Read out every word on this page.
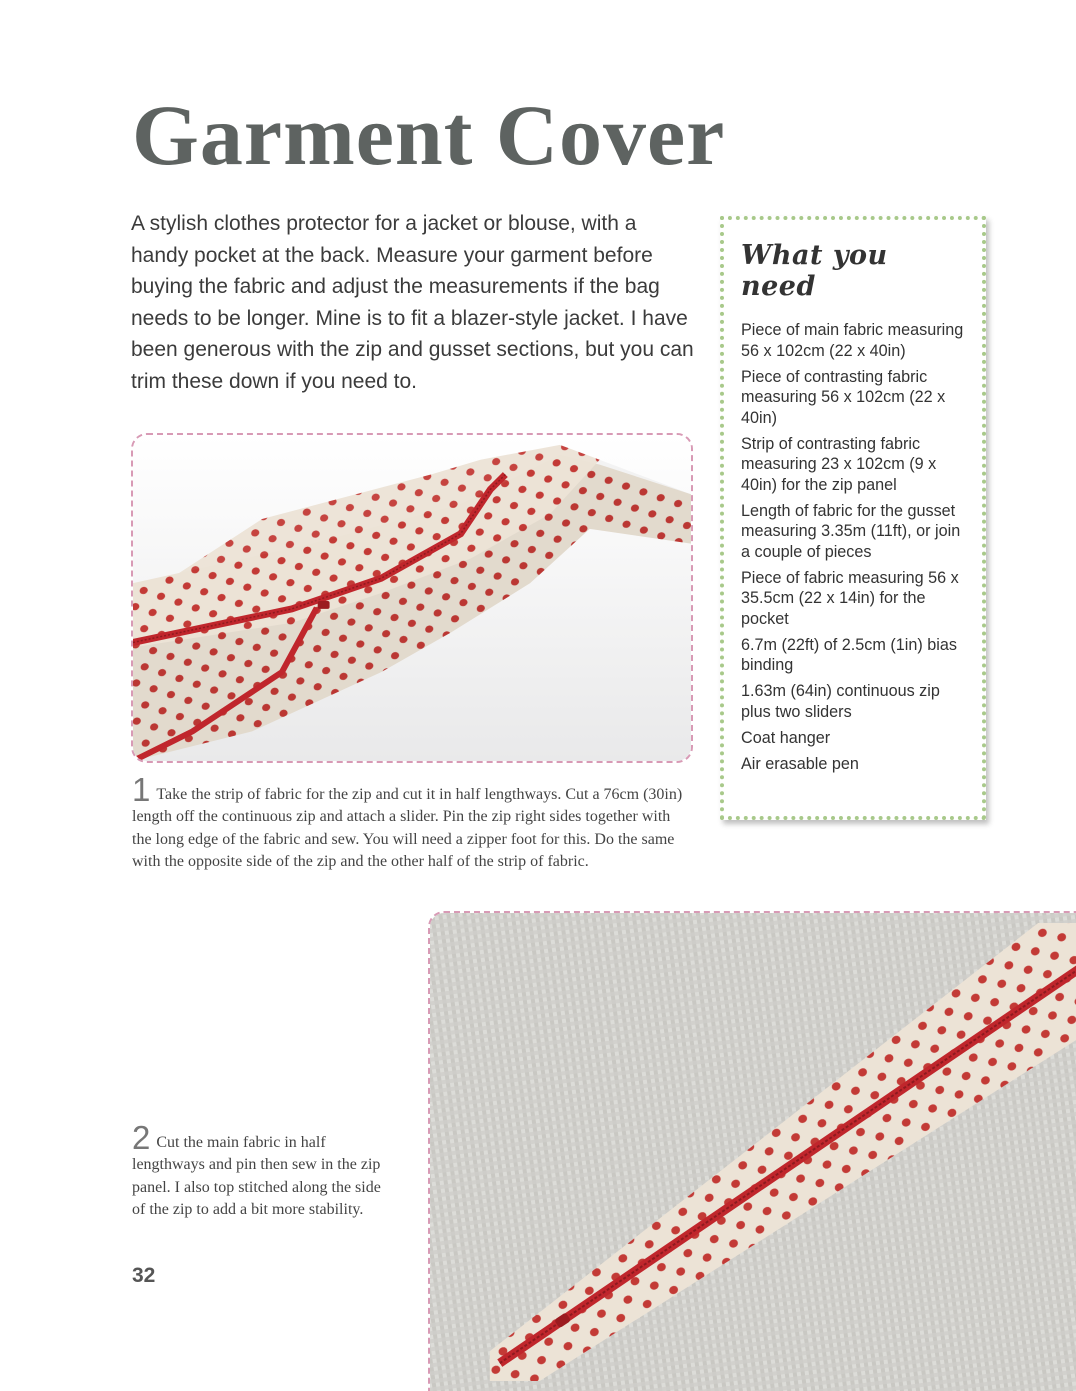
Garment Cover

A stylish clothes protector for a jacket or blouse, with a handy pocket at the back. Measure your garment before buying the fabric and adjust the measurements if the bag needs to be longer. Mine is to fit a blazer-style jacket. I have been generous with the zip and gusset sections, but you can trim these down if you need to.

What you need
Piece of main fabric measuring 56 x 102cm (22 x 40in)
Piece of contrasting fabric measuring 56 x 102cm (22 x 40in)
Strip of contrasting fabric measuring 23 x 102cm (9 x 40in) for the zip panel
Length of fabric for the gusset measuring 3.35m (11ft), or join a couple of pieces
Piece of fabric measuring 56 x 35.5cm (22 x 14in) for the pocket
6.7m (22ft) of 2.5cm (1in) bias binding
1.63m (64in) continuous zip plus two sliders
Coat hanger
Air erasable pen

1 Take the strip of fabric for the zip and cut it in half lengthways. Cut a 76cm (30in) length off the continuous zip and attach a slider. Pin the zip right sides together with the long edge of the fabric and sew. You will need a zipper foot for this. Do the same with the opposite side of the zip and the other half of the strip of fabric.

2 Cut the main fabric in half lengthways and pin then sew in the zip panel. I also top stitched along the side of the zip to add a bit more stability.

32
